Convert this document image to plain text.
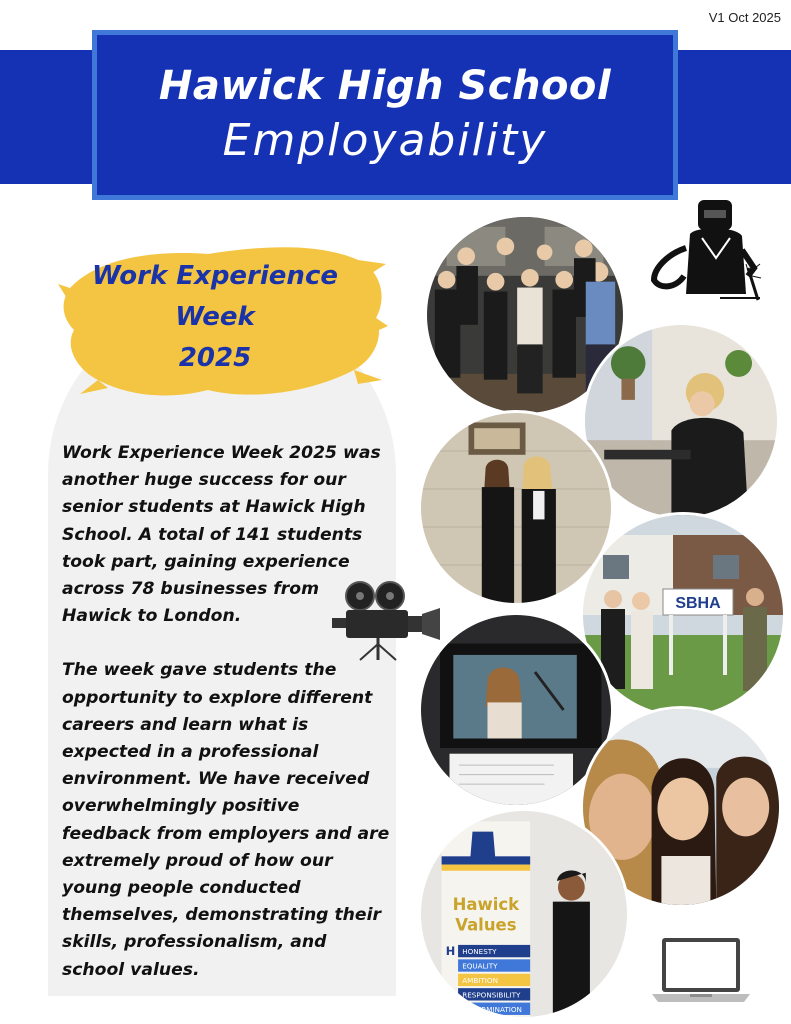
V1 Oct 2025
Hawick High School
Employability
Work Experience
Week
2025

Work Experience Week 2025 was another huge success for our senior students at Hawick High School. A total of 141 students took part, gaining experience across 78 businesses from Hawick to London.

The week gave students the opportunity to explore different careers and learn what is expected in a professional environment. We have received overwhelmingly positive feedback from employers and are extremely proud of how our young people conducted themselves, demonstrating their skills, professionalism, and school values.

SBHA
Hawick
Values
H HONESTY
EQUALITY
AMBITION
RESPONSIBILITY
DETERMINATION
